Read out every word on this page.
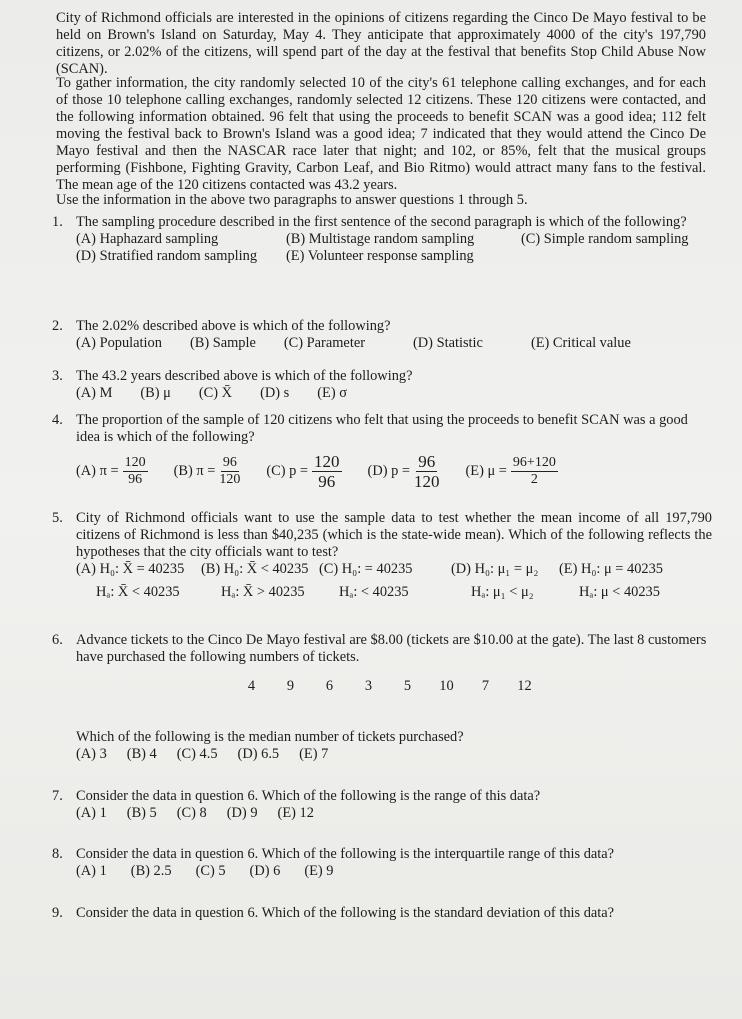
City of Richmond officials are interested in the opinions of citizens regarding the Cinco De Mayo festival to be held on Brown's Island on Saturday, May 4. They anticipate that approximately 4000 of the city's 197,790 citizens, or 2.02% of the citizens, will spend part of the day at the festival that benefits Stop Child Abuse Now (SCAN).
To gather information, the city randomly selected 10 of the city's 61 telephone calling exchanges, and for each of those 10 telephone calling exchanges, randomly selected 12 citizens. These 120 citizens were contacted, and the following information obtained. 96 felt that using the proceeds to benefit SCAN was a good idea; 112 felt moving the festival back to Brown's Island was a good idea; 7 indicated that they would attend the Cinco De Mayo festival and then the NASCAR race later that night; and 102, or 85%, felt that the musical groups performing (Fishbone, Fighting Gravity, Carbon Leaf, and Bio Ritmo) would attract many fans to the festival. The mean age of the 120 citizens contacted was 43.2 years.
Use the information in the above two paragraphs to answer questions 1 through 5.
1. The sampling procedure described in the first sentence of the second paragraph is which of the following?
(A) Haphazard sampling	(B) Multistage random sampling	(C) Simple random sampling
(D) Stratified random sampling	(E) Volunteer response sampling
2. The 2.02% described above is which of the following?
(A) Population (B) Sample (C) Parameter	(D) Statistic	(E) Critical value
3. The 43.2 years described above is which of the following?
(A) M (B) μ (C) X̄ (D) s (E) σ
4. The proportion of the sample of 120 citizens who felt that using the proceeds to benefit SCAN was a good idea is which of the following?
(A) $\pi = \frac{120}{96} (B) \pi = \frac{96}{120} (C) p = \frac{120}{96} (D) p = \frac{96}{120} (E) \mu = \frac{96+120}{2}$
5. City of Richmond officials want to use the sample data to test whether the mean income of all 197,790 citizens of Richmond is less than $40,235 (which is the state-wide mean). Which of the following reflects the hypotheses that the city officials want to test?
(A) H₀: X̄ = 40235
Hₐ: X̄ < 40235
(B) H₀: X̄ < 40235
Hₐ: X̄ > 40235
(C) H₀: = 40235
Hₐ: < 40235
(D) H₀: μ₁ = μ₂
Hₐ: μ₁ < μ₂
(E) H₀: μ = 40235
Hₐ: μ < 40235
6. Advance tickets to the Cinco De Mayo festival are $8.00 (tickets are $10.00 at the gate). The last 8 customers have purchased the following numbers of tickets.
4	9	6	3	5	10	7	12
Which of the following is the median number of tickets purchased?
(A) 3 (B) 4 (C) 4.5 (D) 6.5 (E) 7
7. Consider the data in question 6. Which of the following is the range of this data?
(A) 1 (B) 5 (C) 8 (D) 9 (E) 12
8. Consider the data in question 6. Which of the following is the interquartile range of this data?
(A) 1 (B) 2.5 (C) 5 (D) 6 (E) 9
9. Consider the data in question 6. Which of the following is the standard deviation of this data?
